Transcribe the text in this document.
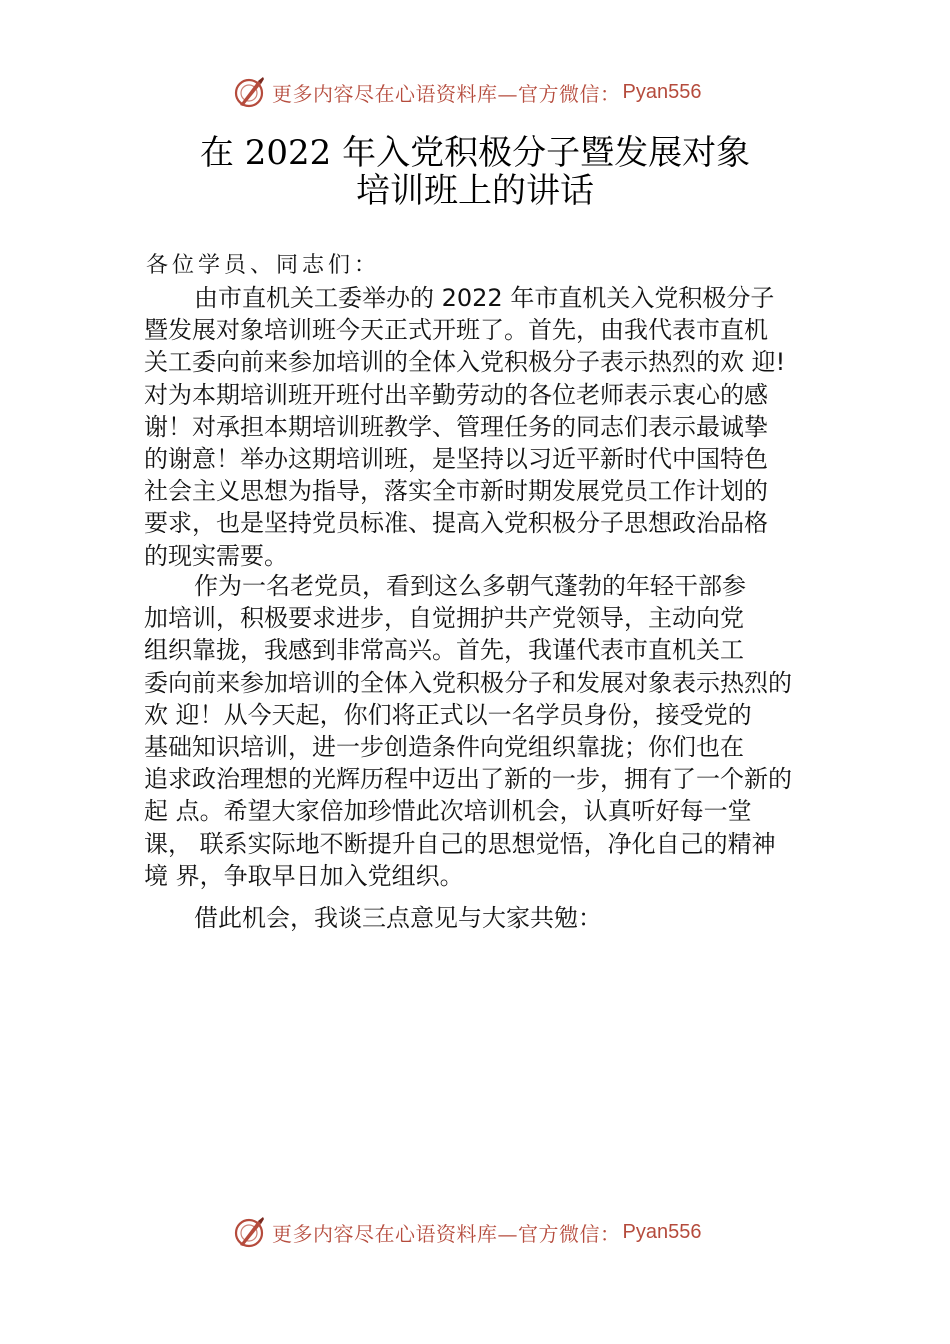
更多内容尽在心语资料库—官方微信： Pyan556
在 2022 年入党积极分子暨发展对象
培训班上的讲话
各位学员、同志们：
由市直机关工委举办的 2022 年市直机关入党积极分子
暨发展对象培训班今天正式开班了。首先，由我代表市直机
关工委向前来参加培训的全体入党积极分子表示热烈的欢 迎!
对为本期培训班开班付出辛勤劳动的各位老师表示衷心的感
谢！对承担本期培训班教学、管理任务的同志们表示最诚挚
的谢意！举办这期培训班，是坚持以习近平新时代中国特色
社会主义思想为指导，落实全市新时期发展党员工作计划的
要求，也是坚持党员标准、提高入党积极分子思想政治品格
的现实需要。
作为一名老党员，看到这么多朝气蓬勃的年轻干部参
加培训，积极要求进步，自觉拥护共产党领导，主动向党
组织靠拢，我感到非常高兴。首先，我谨代表市直机关工
委向前来参加培训的全体入党积极分子和发展对象表示热烈的
欢 迎！从今天起，你们将正式以一名学员身份，接受党的
基础知识培训，进一步创造条件向党组织靠拢；你们也在
追求政治理想的光辉历程中迈出了新的一步，拥有了一个新的
起 点。希望大家倍加珍惜此次培训机会，认真听好每一堂
课， 联系实际地不断提升自己的思想觉悟，净化自己的精神
境 界，争取早日加入党组织。
借此机会，我谈三点意见与大家共勉：
更多内容尽在心语资料库—官方微信： Pyan556
